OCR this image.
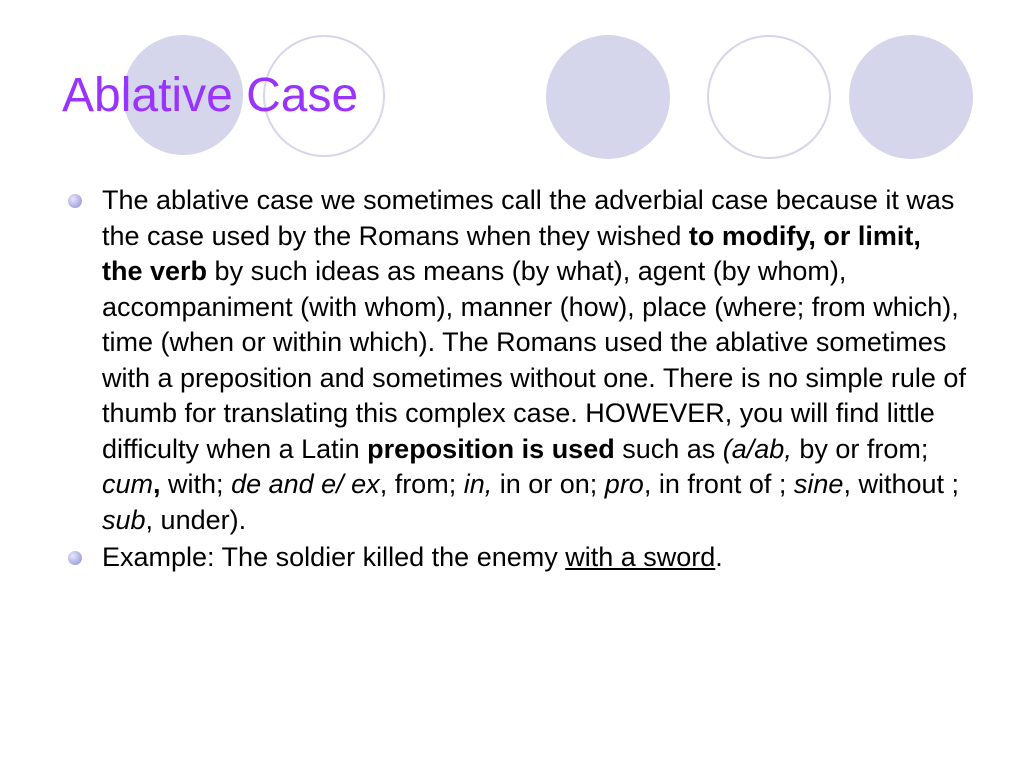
Ablative Case
The ablative case we sometimes call the adverbial case because it was the case used by the Romans when they wished to modify, or limit, the verb by such ideas as means (by what), agent (by whom), accompaniment (with whom), manner (how), place (where; from which), time (when or within which). The Romans used the ablative sometimes with a preposition and sometimes without one. There is no simple rule of thumb for translating this complex case. HOWEVER, you will find little difficulty when a Latin preposition is used such as (a/ab, by or from; cum, with; de and e/ ex, from; in, in or on; pro, in front of ; sine, without ; sub, under).
Example: The soldier killed the enemy with a sword.
